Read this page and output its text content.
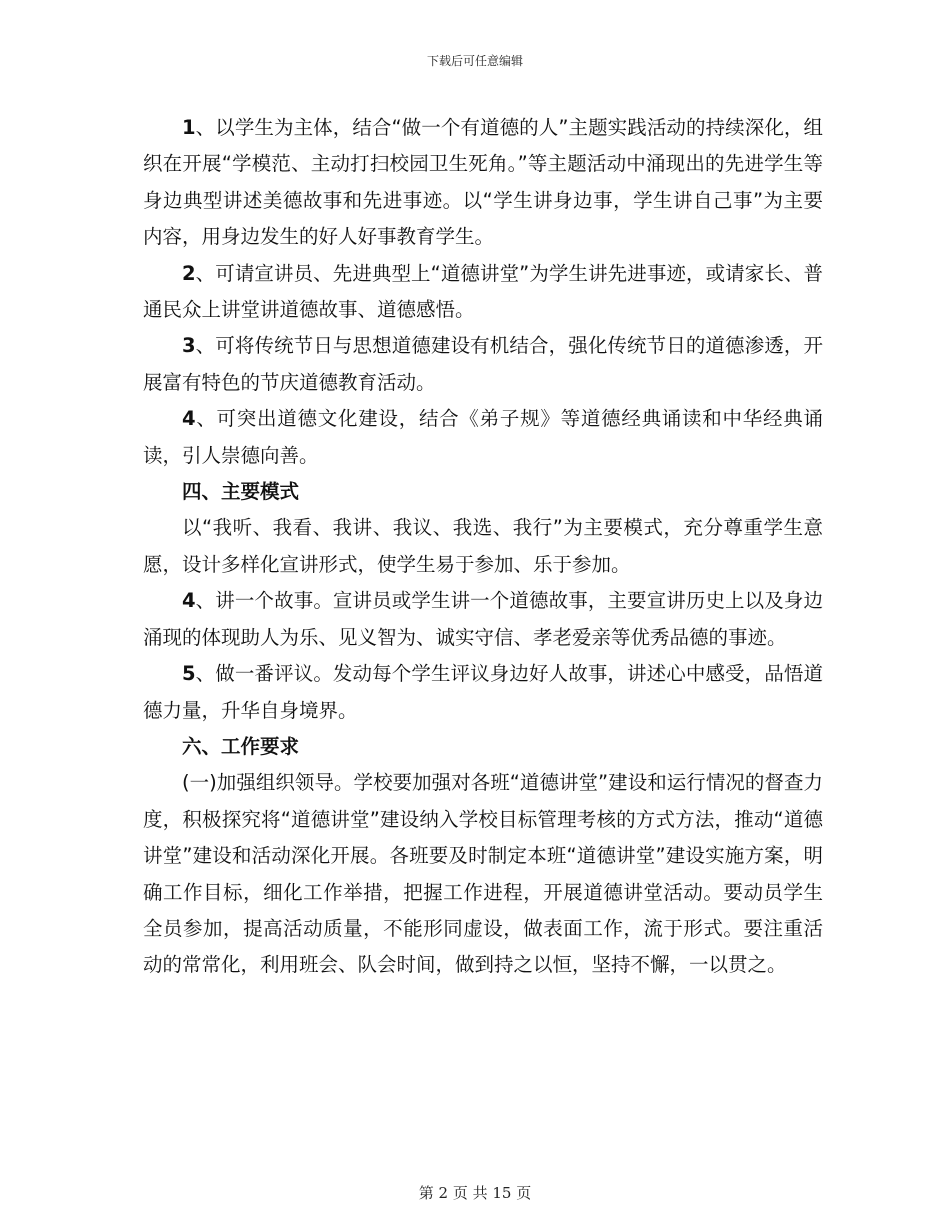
下载后可任意编辑

1、以学生为主体，结合“做一个有道德的人”主题实践活动的持续深化，组织在开展“学模范、主动打扫校园卫生死角。”等主题活动中涌现出的先进学生等身边典型讲述美德故事和先进事迹。以“学生讲身边事，学生讲自己事”为主要内容，用身边发生的好人好事教育学生。

2、可请宣讲员、先进典型上“道德讲堂”为学生讲先进事迹，或请家长、普通民众上讲堂讲道德故事、道德感悟。

3、可将传统节日与思想道德建设有机结合，强化传统节日的道德渗透，开展富有特色的节庆道德教育活动。

4、可突出道德文化建设，结合《弟子规》等道德经典诵读和中华经典诵读，引人崇德向善。

四、主要模式

以“我听、我看、我讲、我议、我选、我行”为主要模式，充分尊重学生意愿，设计多样化宣讲形式，使学生易于参加、乐于参加。

4、讲一个故事。宣讲员或学生讲一个道德故事，主要宣讲历史上以及身边涌现的体现助人为乐、见义智为、诚实守信、孝老爱亲等优秀品德的事迹。

5、做一番评议。发动每个学生评议身边好人故事，讲述心中感受，品悟道德力量，升华自身境界。

六、工作要求

(一)加强组织领导。学校要加强对各班“道德讲堂”建设和运行情况的督查力度，积极探究将“道德讲堂”建设纳入学校目标管理考核的方式方法，推动“道德讲堂”建设和活动深化开展。各班要及时制定本班“道德讲堂”建设实施方案，明确工作目标，细化工作举措，把握工作进程，开展道德讲堂活动。要动员学生全员参加，提高活动质量，不能形同虚设，做表面工作，流于形式。要注重活动的常常化，利用班会、队会时间，做到持之以恒，坚持不懈，一以贯之。

第 2 页 共 15 页
